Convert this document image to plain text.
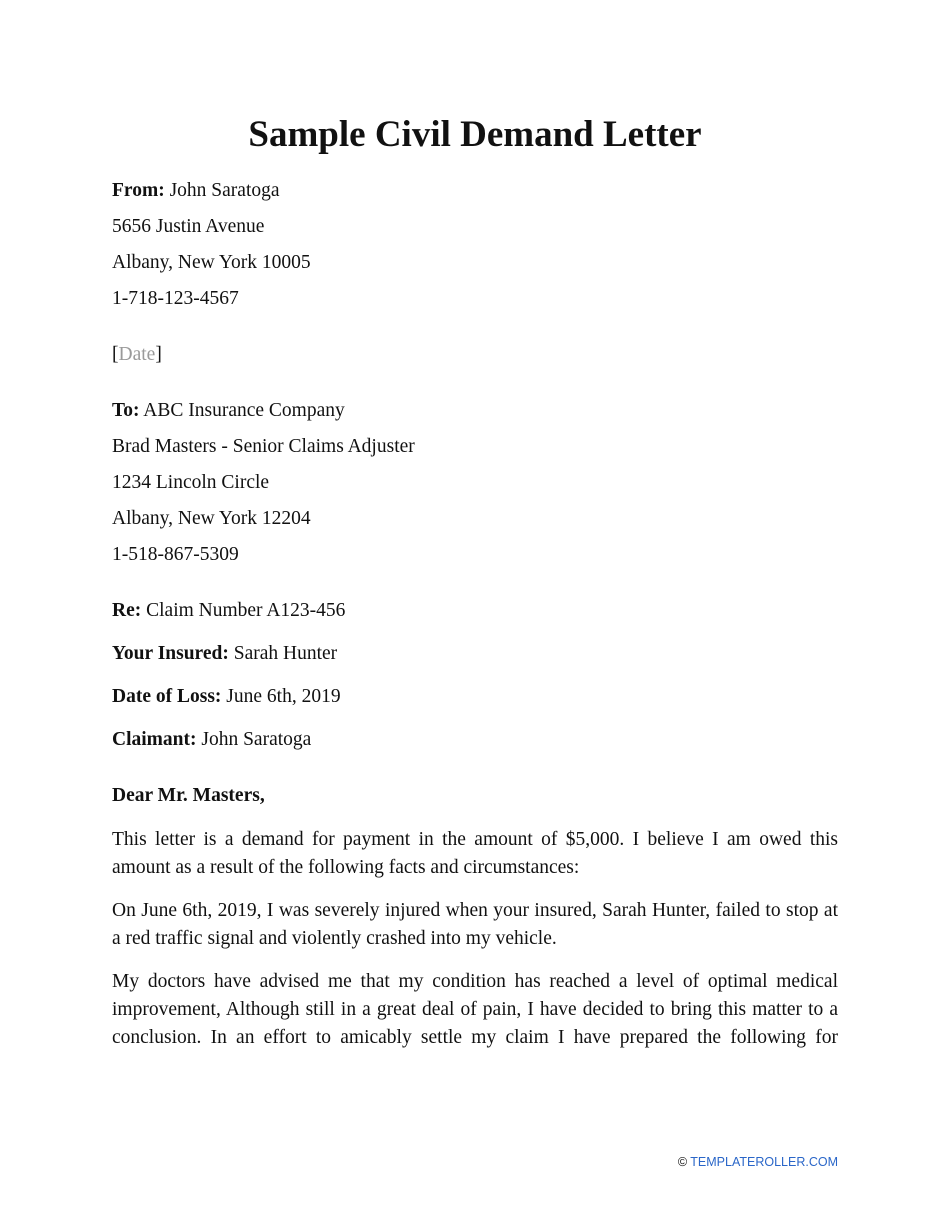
Sample Civil Demand Letter
From: John Saratoga
5656 Justin Avenue
Albany, New York 10005
1-718-123-4567
[Date]
To: ABC Insurance Company
Brad Masters - Senior Claims Adjuster
1234 Lincoln Circle
Albany, New York 12204
1-518-867-5309
Re: Claim Number A123-456
Your Insured: Sarah Hunter
Date of Loss: June 6th, 2019
Claimant: John Saratoga
Dear Mr. Masters,

This letter is a demand for payment in the amount of $5,000. I believe I am owed this amount as a result of the following facts and circumstances:

On June 6th, 2019, I was severely injured when your insured, Sarah Hunter, failed to stop at a red traffic signal and violently crashed into my vehicle.

My doctors have advised me that my condition has reached a level of optimal medical improvement, Although still in a great deal of pain, I have decided to bring this matter to a conclusion. In an effort to amicably settle my claim I have prepared the following for

© TEMPLATEROLLER.COM
